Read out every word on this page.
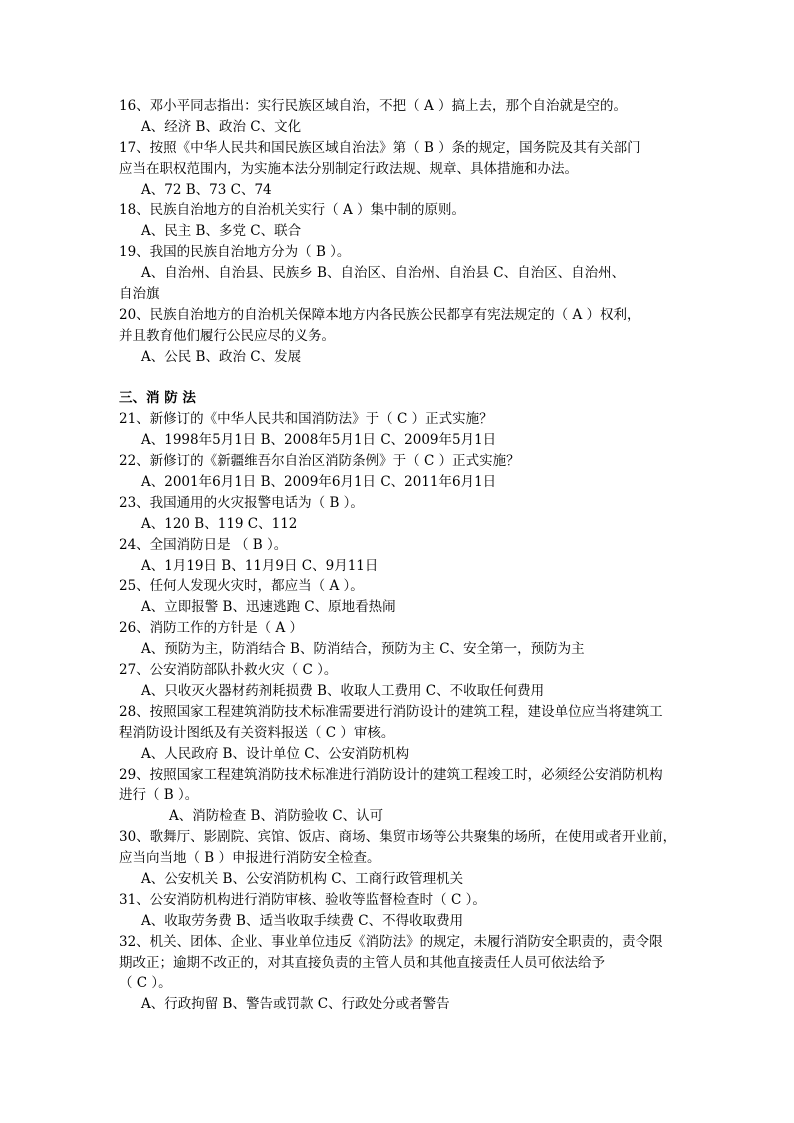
16、邓小平同志指出：实行民族区域自治，不把（ A ）搞上去，那个自治就是空的。
A、经济 B、政治 C、文化
17、按照《中华人民共和国民族区域自治法》第（ B ）条的规定，国务院及其有关部门
应当在职权范围内，为实施本法分别制定行政法规、规章、具体措施和办法。
A、72 B、73 C、74
18、民族自治地方的自治机关实行（ A ）集中制的原则。
A、民主 B、多党 C、联合
19、我国的民族自治地方分为（ B ）。
A、自治州、自治县、民族乡 B、自治区、自治州、自治县 C、自治区、自治州、
自治旗
20、民族自治地方的自治机关保障本地方内各民族公民都享有宪法规定的（ A ）权利，
并且教育他们履行公民应尽的义务。
A、公民 B、政治 C、发展
三、消 防 法
21、新修订的《中华人民共和国消防法》于（ C ）正式实施？
A、1998年5月1日 B、2008年5月1日 C、2009年5月1日
22、新修订的《新疆维吾尔自治区消防条例》于（ C ）正式实施？
A、2001年6月1日 B、2009年6月1日 C、2011年6月1日
23、我国通用的火灾报警电话为（ B ）。
A、120 B、119 C、112
24、全国消防日是 （ B ）。
A、1月19日 B、11月9日 C、9月11日
25、任何人发现火灾时，都应当（ A ）。
A、立即报警 B、迅速逃跑 C、原地看热闹
26、消防工作的方针是（ A ）
A、预防为主，防消结合 B、防消结合，预防为主 C、安全第一，预防为主
27、公安消防部队扑救火灾（ C ）。
A、只收灭火器材药剂耗损费 B、收取人工费用 C、不收取任何费用
28、按照国家工程建筑消防技术标准需要进行消防设计的建筑工程，建设单位应当将建筑工
程消防设计图纸及有关资料报送（ C ）审核。
A、人民政府 B、设计单位 C、公安消防机构
29、按照国家工程建筑消防技术标准进行消防设计的建筑工程竣工时，必须经公安消防机构
进行（ B ）。
A、消防检查 B、消防验收 C、认可
30、歌舞厅、影剧院、宾馆、饭店、商场、集贸市场等公共聚集的场所，在使用或者开业前，
应当向当地（ B ）申报进行消防安全检查。
A、公安机关 B、公安消防机构 C、工商行政管理机关
31、公安消防机构进行消防审核、验收等监督检查时（ C ）。
A、收取劳务费 B、适当收取手续费 C、不得收取费用
32、机关、团体、企业、事业单位违反《消防法》的规定，未履行消防安全职责的，责令限
期改正；逾期不改正的，对其直接负责的主管人员和其他直接责任人员可依法给予
（ C ）。
A、行政拘留 B、警告或罚款 C、行政处分或者警告
